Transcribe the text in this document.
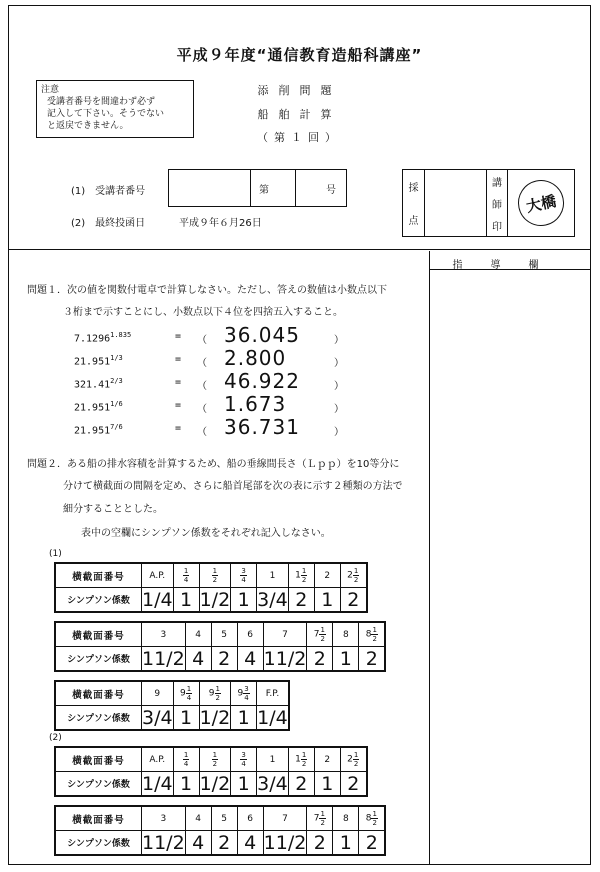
平成９年度“通信教育造船科講座”
注意
受講者番号を間違わず必ず
記入して下さい。そうでない
と返戻できません。
添削問題
船舶計算
（第１回）
(1)　受講者番号	第	号
(2)　最終投函日	平成９年６月26日
採
点
講
師
印
大橋
指導欄
問題１．次の値を関数付電卓で計算しなさい。ただし、答えの数値は小数点以下
３桁まで示すことにし、小数点以下４位を四捨五入すること。
$7.1296^{1.835}$	= （ 36.045	）
$21.951^{1/3}$	= （ 2.800	）
$321.41^{2/3}$	= （ 46.922	）
$21.951^{1/6}$	= （ 1.673	）
$21.951^{7/6}$	= （ 36.731	）
問題２．ある船の排水容積を計算するため、船の垂線間長さ（Ｌｐｐ）を10等分に
分けて横截面の間隔を定め、さらに船首尾部を次の表に示す２種類の方法で
細分することとした。
表中の空欄にシンプソン係数をそれぞれ記入しなさい。
(1)
(2)
横截面番号	A.P.	$\frac{1}{4}$	$\frac{1}{2}$	$\frac{3}{4}$	1	$1 \frac{1}{2}$	2	$2 \frac{1}{2}$

シンプソン係数	1/4	1	1/2	1	3/4	2	1	2
横截面番号	3	4	5	6	7	$7 \frac{1}{2}$	8	$8 \frac{1}{2}$

シンプソン係数	11/2	4	2	4	11/2	2	1	2
横截面番号	9	$9 \frac{1}{4}$	$9 \frac{1}{2}$	$9 \frac{3}{4}$	F.P.
シンプソン係数	3/4	1	1/2	1	1/4
横截面番号	A.P.	$\frac{1}{4}$	$\frac{1}{2}$	$\frac{3}{4}$	1	$1 \frac{1}{2}$	2	$2 \frac{1}{2}$

シンプソン係数	1/4	1	1/2	1	3/4	2	1	2
横截面番号	3	4	5	6	7	$7 \frac{1}{2}$	8	$8 \frac{1}{2}$

シンプソン係数	11/2	4	2	4	11/2	2	1	2
